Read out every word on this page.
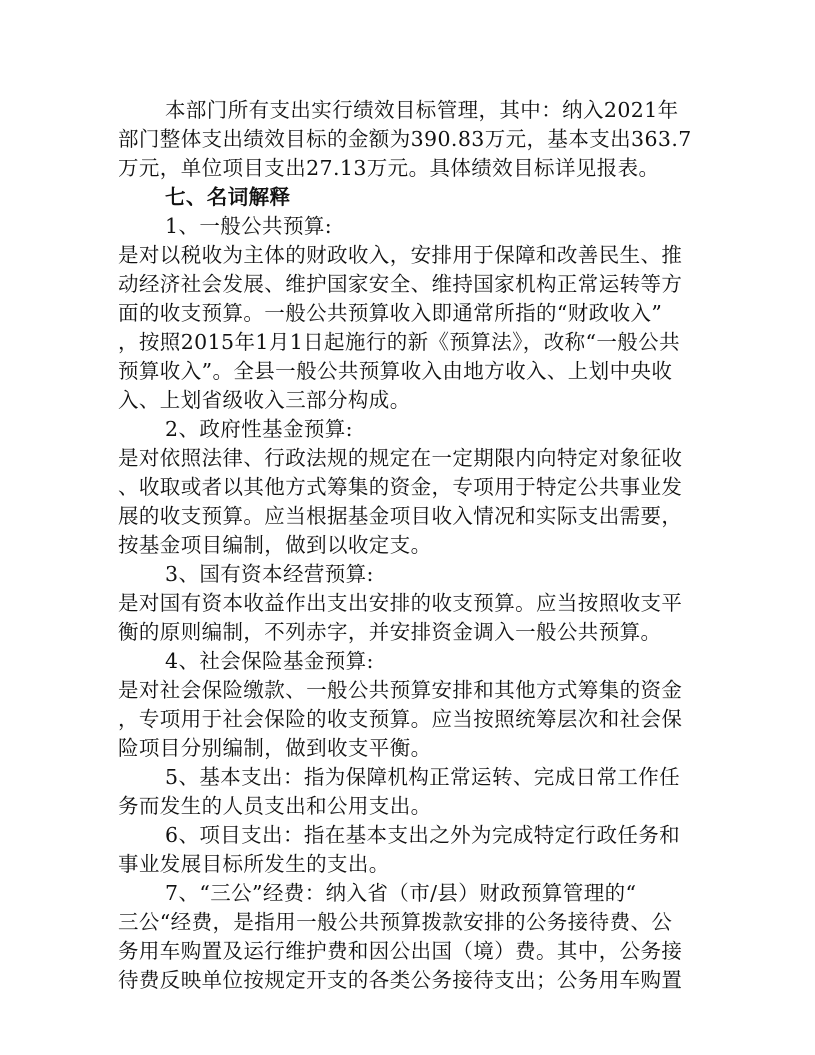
本部门所有支出实行绩效目标管理，其中：纳入2021年
部门整体支出绩效目标的金额为390.83万元，基本支出363.7
万元，单位项目支出27.13万元。具体绩效目标详见报表。
七、名词解释
1、一般公共预算:
是对以税收为主体的财政收入，安排用于保障和改善民生、推
动经济社会发展、维护国家安全、维持国家机构正常运转等方
面的收支预算。一般公共预算收入即通常所指的“财政收入”
，按照2015年1月1日起施行的新《预算法》，改称“一般公共
预算收入”。全县一般公共预算收入由地方收入、上划中央收
入、上划省级收入三部分构成。
2、政府性基金预算:
是对依照法律、行政法规的规定在一定期限内向特定对象征收
、收取或者以其他方式筹集的资金，专项用于特定公共事业发
展的收支预算。应当根据基金项目收入情况和实际支出需要，
按基金项目编制，做到以收定支。
3、国有资本经营预算:
是对国有资本收益作出支出安排的收支预算。应当按照收支平
衡的原则编制，不列赤字，并安排资金调入一般公共预算。
4、社会保险基金预算:
是对社会保险缴款、一般公共预算安排和其他方式筹集的资金
，专项用于社会保险的收支预算。应当按照统筹层次和社会保
险项目分别编制，做到收支平衡。
5、基本支出：指为保障机构正常运转、完成日常工作任
务而发生的人员支出和公用支出。
6、项目支出：指在基本支出之外为完成特定行政任务和
事业发展目标所发生的支出。
7、“三公”经费：纳入省（市/县）财政预算管理的“
三公“经费，是指用一般公共预算拨款安排的公务接待费、公
务用车购置及运行维护费和因公出国（境）费。其中，公务接
待费反映单位按规定开支的各类公务接待支出；公务用车购置
